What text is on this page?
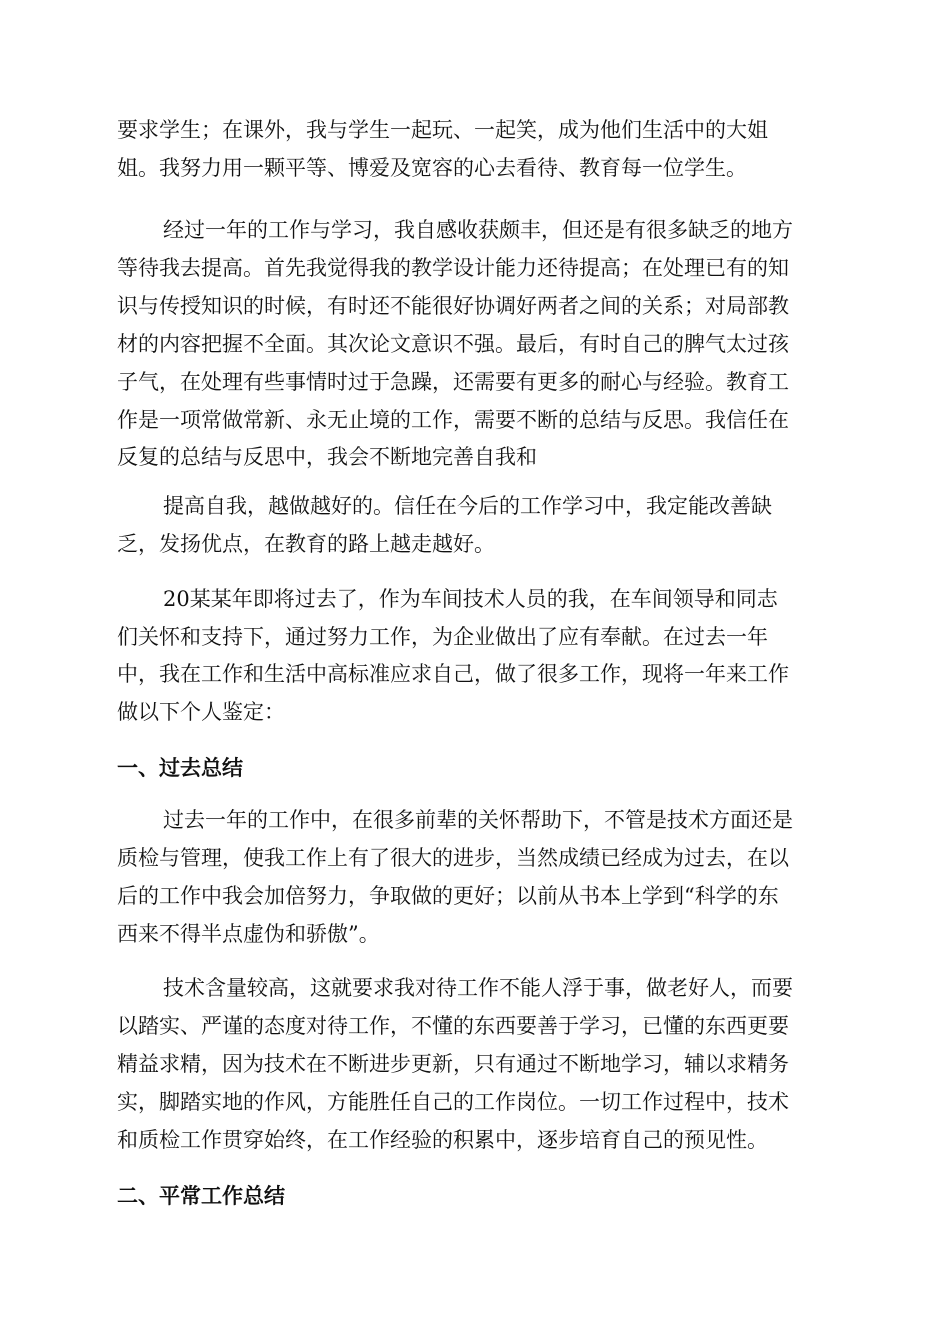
要求学生；在课外，我与学生一起玩、一起笑，成为他们生活中的大姐
姐。我努力用一颗平等、博爱及宽容的心去看待、教育每一位学生。
经过一年的工作与学习，我自感收获颇丰，但还是有很多缺乏的地方
等待我去提高。首先我觉得我的教学设计能力还待提高；在处理已有的知
识与传授知识的时候，有时还不能很好协调好两者之间的关系；对局部教
材的内容把握不全面。其次论文意识不强。最后，有时自己的脾气太过孩
子气，在处理有些事情时过于急躁，还需要有更多的耐心与经验。教育工
作是一项常做常新、永无止境的工作，需要不断的总结与反思。我信任在
反复的总结与反思中，我会不断地完善自我和
提高自我，越做越好的。信任在今后的工作学习中，我定能改善缺
乏，发扬优点，在教育的路上越走越好。
20某某年即将过去了，作为车间技术人员的我，在车间领导和同志
们关怀和支持下，通过努力工作，为企业做出了应有奉献。在过去一年
中，我在工作和生活中高标准应求自己，做了很多工作，现将一年来工作
做以下个人鉴定：
一、过去总结
过去一年的工作中，在很多前辈的关怀帮助下，不管是技术方面还是
质检与管理，使我工作上有了很大的进步，当然成绩已经成为过去，在以
后的工作中我会加倍努力，争取做的更好；以前从书本上学到“科学的东
西来不得半点虚伪和骄傲”。
技术含量较高，这就要求我对待工作不能人浮于事，做老好人，而要
以踏实、严谨的态度对待工作，不懂的东西要善于学习，已懂的东西更要
精益求精，因为技术在不断进步更新，只有通过不断地学习，辅以求精务
实，脚踏实地的作风，方能胜任自己的工作岗位。一切工作过程中，技术
和质检工作贯穿始终，在工作经验的积累中，逐步培育自己的预见性。
二、平常工作总结
